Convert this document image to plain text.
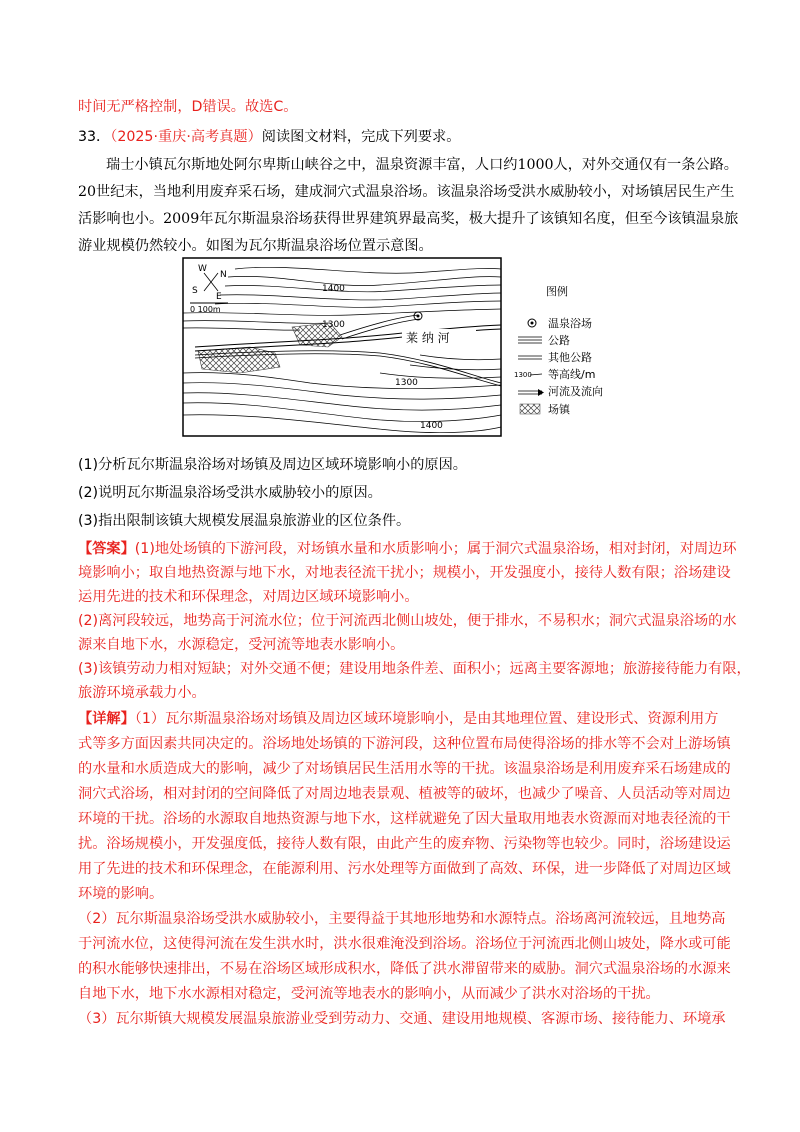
时间无严格控制，D错误。故选C。
33．（2025·重庆·高考真题）阅读图文材料，完成下列要求。
瑞士小镇瓦尔斯地处阿尔卑斯山峡谷之中，温泉资源丰富，人口约1000人，对外交通仅有一条公路。
20世纪末，当地利用废弃采石场，建成洞穴式温泉浴场。该温泉浴场受洪水威胁较小，对场镇居民生产生
活影响也小。2009年瓦尔斯温泉浴场获得世界建筑界最高奖，极大提升了该镇知名度，但至今该镇温泉旅
游业规模仍然较小。如图为瓦尔斯温泉浴场位置示意图。
1400
1300
1300
1400
莱 纳 河
W
N
S
E
0 100m
图例
温泉浴场
公路
其他公路
1300 等高线/m
河流及流向
场镇
(1)分析瓦尔斯温泉浴场对场镇及周边区域环境影响小的原因。
(2)说明瓦尔斯温泉浴场受洪水威胁较小的原因。
(3)指出限制该镇大规模发展温泉旅游业的区位条件。
【答案】(1)地处场镇的下游河段，对场镇水量和水质影响小；属于洞穴式温泉浴场，相对封闭，对周边环
境影响小；取自地热资源与地下水，对地表径流干扰小；规模小，开发强度小，接待人数有限；浴场建设
运用先进的技术和环保理念，对周边区域环境影响小。
(2)离河段较远，地势高于河流水位；位于河流西北侧山坡处，便于排水，不易积水；洞穴式温泉浴场的水
源来自地下水，水源稳定，受河流等地表水影响小。
(3)该镇劳动力相对短缺；对外交通不便；建设用地条件差、面积小；远离主要客源地；旅游接待能力有限，
旅游环境承载力小。
【详解】（1）瓦尔斯温泉浴场对场镇及周边区域环境影响小，是由其地理位置、建设形式、资源利用方
式等多方面因素共同决定的。浴场地处场镇的下游河段，这种位置布局使得浴场的排水等不会对上游场镇
的水量和水质造成大的影响，减少了对场镇居民生活用水等的干扰。该温泉浴场是利用废弃采石场建成的
洞穴式浴场，相对封闭的空间降低了对周边地表景观、植被等的破坏，也减少了噪音、人员活动等对周边
环境的干扰。浴场的水源取自地热资源与地下水，这样就避免了因大量取用地表水资源而对地表径流的干
扰。浴场规模小，开发强度低，接待人数有限，由此产生的废弃物、污染物等也较少。同时，浴场建设运
用了先进的技术和环保理念，在能源利用、污水处理等方面做到了高效、环保，进一步降低了对周边区域
环境的影响。
（2）瓦尔斯温泉浴场受洪水威胁较小，主要得益于其地形地势和水源特点。浴场离河流较远，且地势高
于河流水位，这使得河流在发生洪水时，洪水很难淹没到浴场。浴场位于河流西北侧山坡处，降水或可能
的积水能够快速排出，不易在浴场区域形成积水，降低了洪水滞留带来的威胁。洞穴式温泉浴场的水源来
自地下水，地下水水源相对稳定，受河流等地表水的影响小，从而减少了洪水对浴场的干扰。
（3）瓦尔斯镇大规模发展温泉旅游业受到劳动力、交通、建设用地规模、客源市场、接待能力、环境承
